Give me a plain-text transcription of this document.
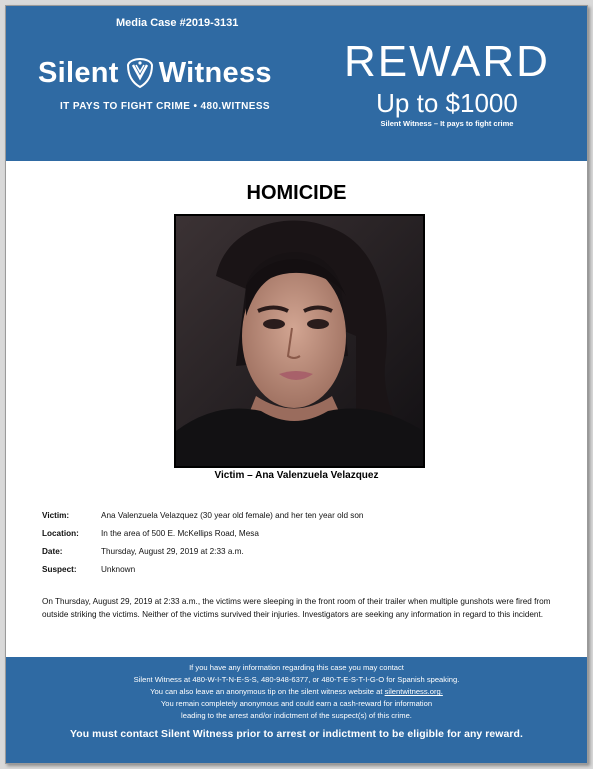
Media Case #2019-3131
Silent Witness
IT PAYS TO FIGHT CRIME • 480.WITNESS
REWARD
Up to $1000
Silent Witness – It pays to fight crime
HOMICIDE
Victim – Ana Valenzuela Velazquez
Victim:	Ana Valenzuela Velazquez (30 year old female) and her ten year old son
Location:	In the area of 500 E. McKellips Road, Mesa
Date:	Thursday, August 29, 2019 at 2:33 a.m.
Suspect:	Unknown
On Thursday, August 29, 2019 at 2:33 a.m., the victims were sleeping in the front room of their trailer when multiple gunshots were fired from outside striking the victims. Neither of the victims survived their injuries. Investigators are seeking any information in regard to this incident.
If you have any information regarding this case you may contact
Silent Witness at 480-W-I-T-N-E-S-S, 480-948-6377, or 480-T-E-S-T-I-G-O for Spanish speaking.
You can also leave an anonymous tip on the silent witness website at silentwitness.org.
You remain completely anonymous and could earn a cash-reward for information
leading to the arrest and/or indictment of the suspect(s) of this crime.
You must contact Silent Witness prior to arrest or indictment to be eligible for any reward.
